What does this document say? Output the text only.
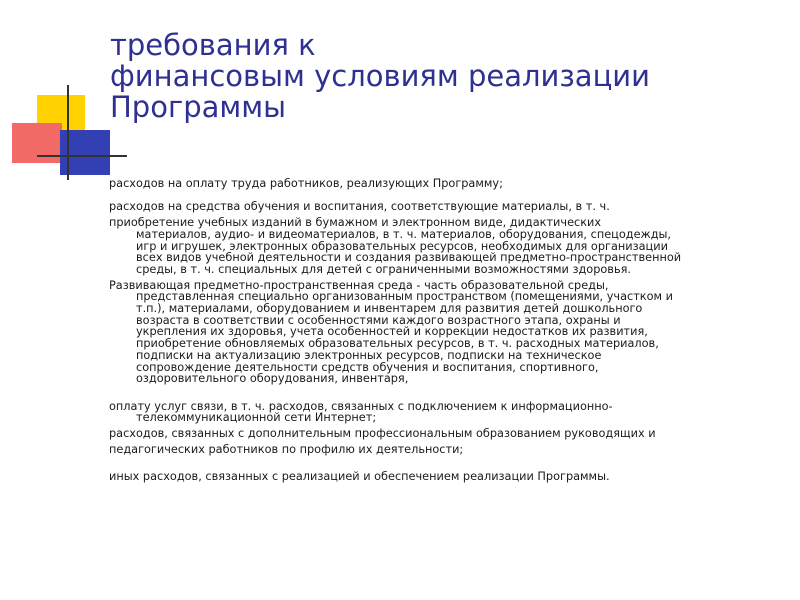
требования к
финансовым условиям реализации
Программы

расходов на оплату труда работников, реализующих Программу;

расходов на средства обучения и воспитания, соответствующие материалы, в т. ч.

приобретение учебных изданий в бумажном и электронном виде, дидактических
материалов, аудио- и видеоматериалов, в т. ч. материалов, оборудования, спецодежды,
игр и игрушек, электронных образовательных ресурсов, необходимых для организации
всех видов учебной деятельности и создания развивающей предметно-пространственной
среды, в т. ч. специальных для детей с ограниченными возможностями здоровья.

Развивающая предметно-пространственная среда - часть образовательной среды,
представленная специально организованным пространством (помещениями, участком и
т.п.), материалами, оборудованием и инвентарем для развития детей дошкольного
возраста в соответствии с особенностями каждого возрастного этапа, охраны и
укрепления их здоровья, учета особенностей и коррекции недостатков их развития,
приобретение обновляемых образовательных ресурсов, в т. ч. расходных материалов,
подписки на актуализацию электронных ресурсов, подписки на техническое
сопровождение деятельности средств обучения и воспитания, спортивного,
оздоровительного оборудования, инвентаря,

оплату услуг связи, в т. ч. расходов, связанных с подключением к информационно-
телекоммуникационной сети Интернет;

расходов, связанных с дополнительным профессиональным образованием руководящих и

педагогических работников по профилю их деятельности;

иных расходов, связанных с реализацией и обеспечением реализации Программы.
